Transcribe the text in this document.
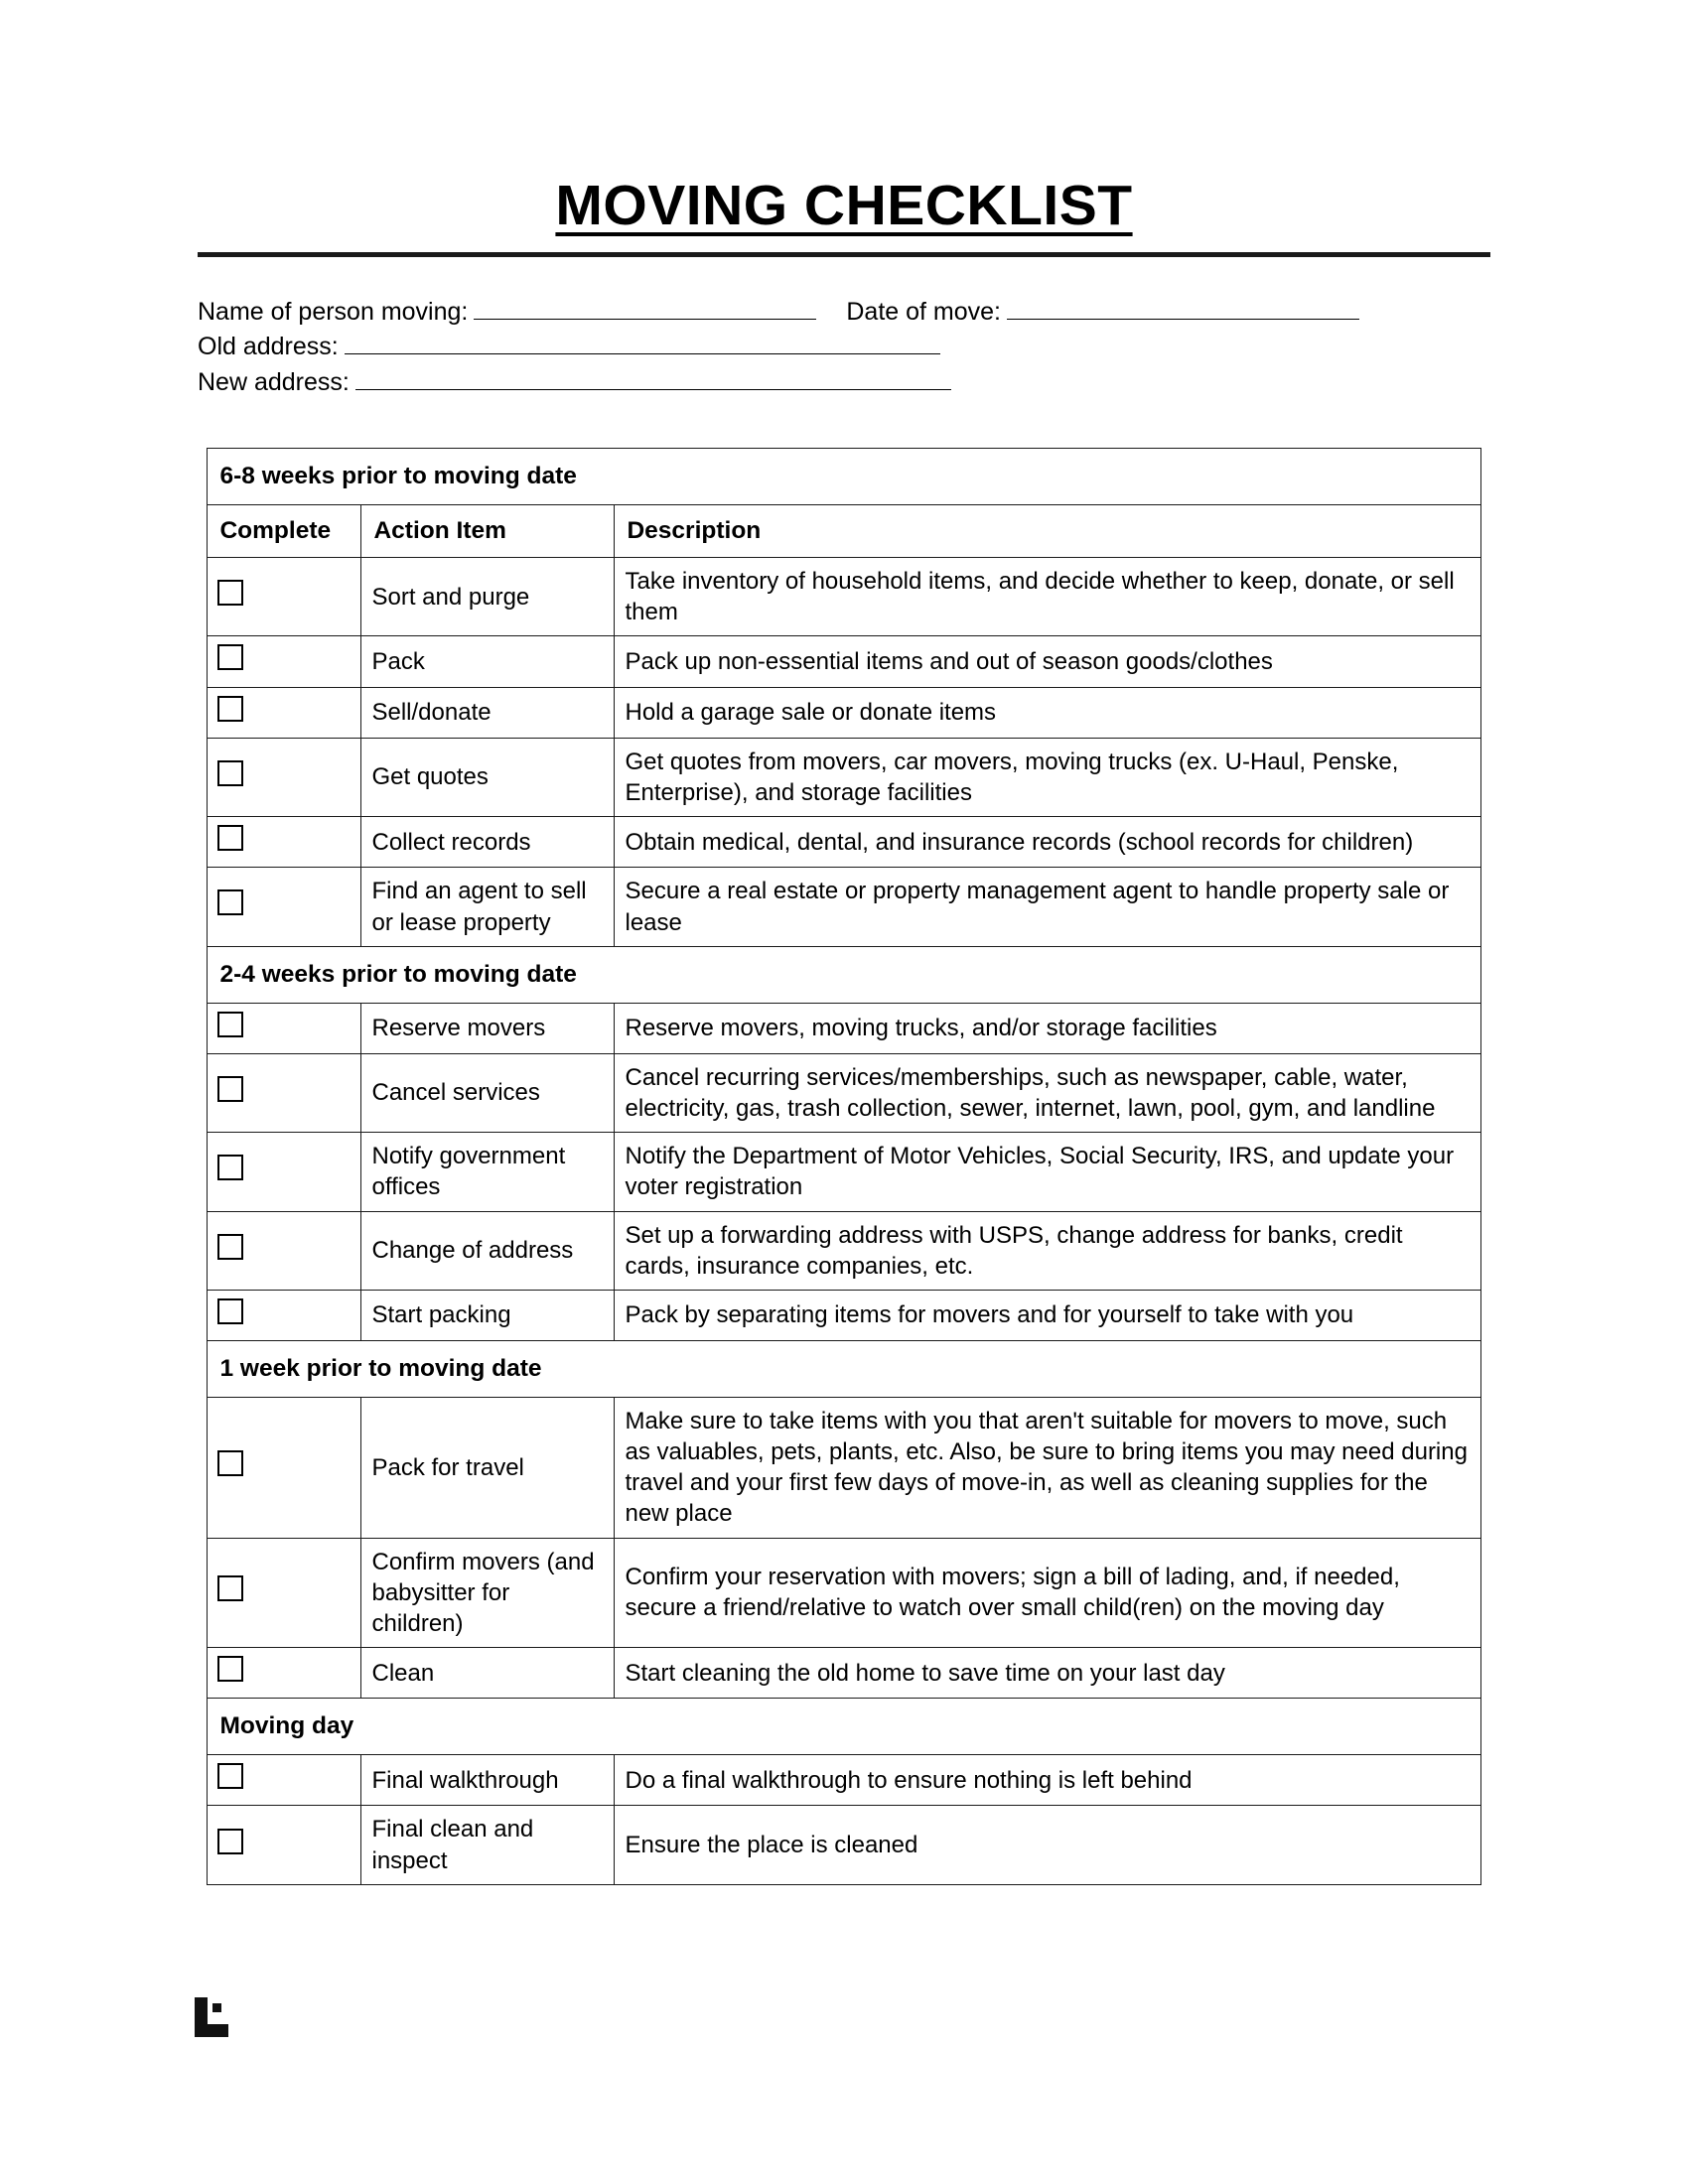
MOVING CHECKLIST
Name of person moving:	Date of move:
Old address:
New address:
6-8 weeks prior to moving date		
Complete	Action Item	Description
	Sort and purge	Take inventory of household items, and decide whether to keep, donate, or sell them
	Pack	Pack up non-essential items and out of season goods/clothes
	Sell/donate	Hold a garage sale or donate items
	Get quotes	Get quotes from movers, car movers, moving trucks (ex. U-Haul, Penske, Enterprise), and storage facilities
	Collect records	Obtain medical, dental, and insurance records (school records for children)
	Find an agent to sell or lease property	Secure a real estate or property management agent to handle property sale or lease
2-4 weeks prior to moving date		
	Reserve movers	Reserve movers, moving trucks, and/or storage facilities
	Cancel services	Cancel recurring services/memberships, such as newspaper, cable, water, electricity, gas, trash collection, sewer, internet, lawn, pool, gym, and landline
	Notify government offices	Notify the Department of Motor Vehicles, Social Security, IRS, and update your voter registration
	Change of address	Set up a forwarding address with USPS, change address for banks, credit cards, insurance companies, etc.
	Start packing	Pack by separating items for movers and for yourself to take with you
1 week prior to moving date		
	Pack for travel	Make sure to take items with you that aren't suitable for movers to move, such as valuables, pets, plants, etc. Also, be sure to bring items you may need during travel and your first few days of move-in, as well as cleaning supplies for the new place
	Confirm movers (and babysitter for children)	Confirm your reservation with movers; sign a bill of lading, and, if needed, secure a friend/relative to watch over small child(ren) on the moving day
	Clean	Start cleaning the old home to save time on your last day
Moving day		
	Final walkthrough	Do a final walkthrough to ensure nothing is left behind
	Final clean and inspect	Ensure the place is cleaned
